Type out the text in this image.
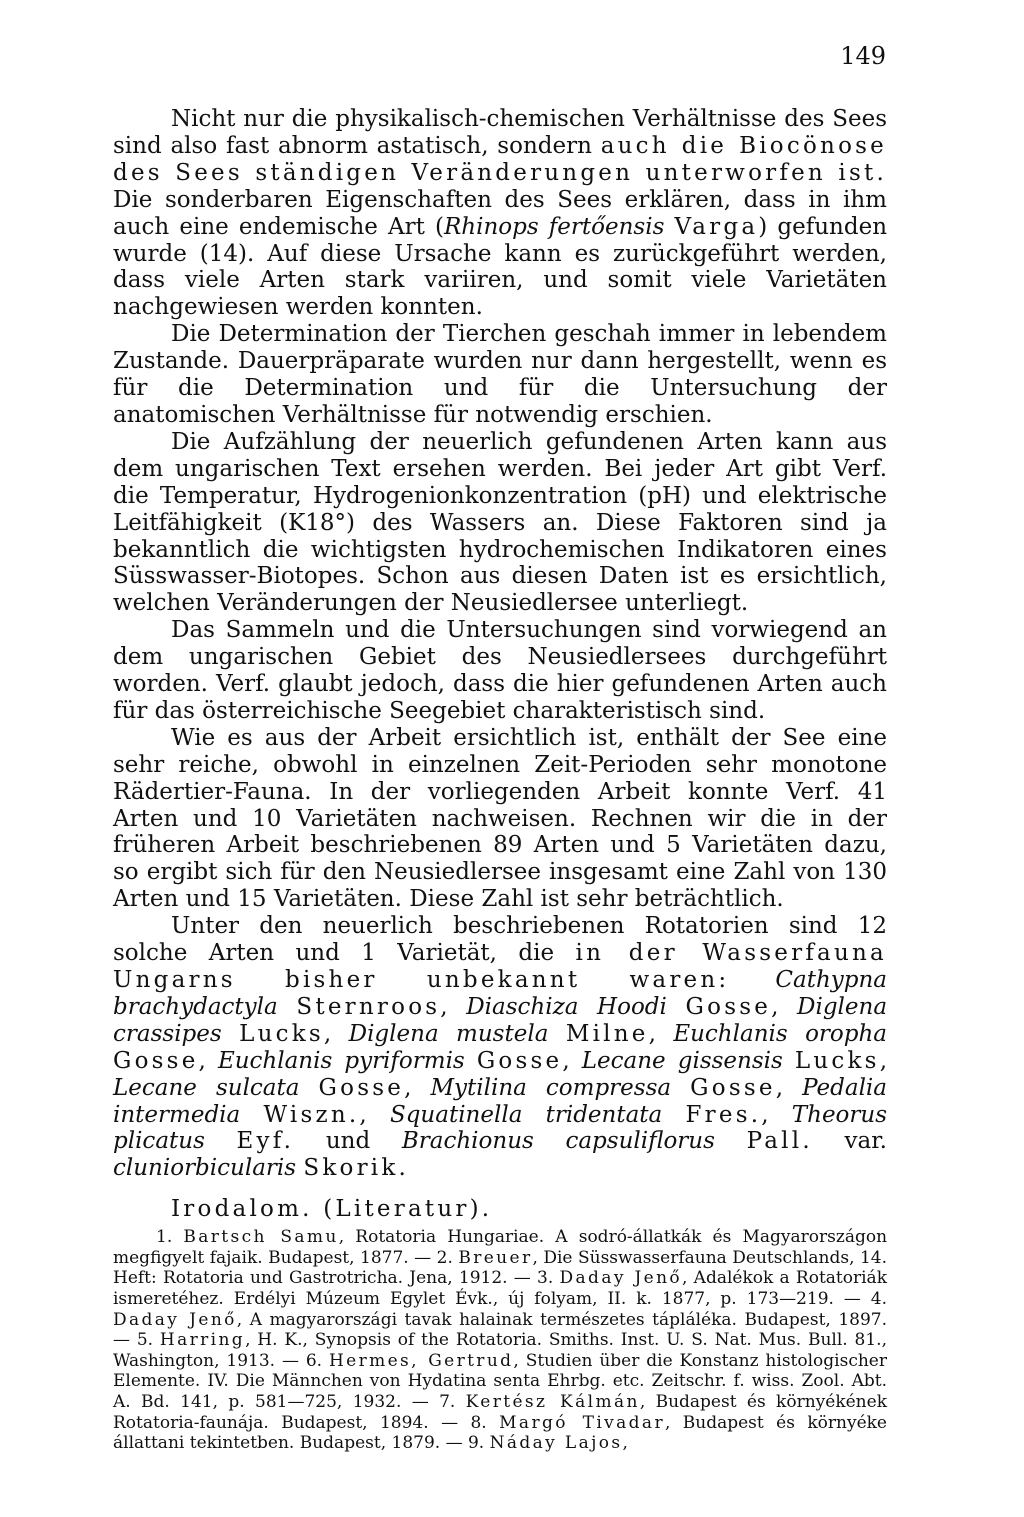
149

Nicht nur die physikalisch-chemischen Verhältnisse des Sees sind also fast abnorm astatisch, sondern auch die Biocönose des Sees ständigen Veränderungen unterworfen ist. Die sonderbaren Eigenschaften des Sees erklären, dass in ihm auch eine endemische Art (Rhinops fertőensis Varga) gefunden wurde (14). Auf diese Ursache kann es zurückgeführt werden, dass viele Arten stark variiren, und somit viele Varietäten nachgewiesen werden konnten.

Die Determination der Tierchen geschah immer in lebendem Zustande. Dauerpräparate wurden nur dann hergestellt, wenn es für die Determination und für die Untersuchung der anatomischen Verhältnisse für notwendig erschien.

Die Aufzählung der neuerlich gefundenen Arten kann aus dem ungarischen Text ersehen werden. Bei jeder Art gibt Verf. die Temperatur, Hydrogenionkonzentration (pH) und elektrische Leitfähigkeit (K18°) des Wassers an. Diese Faktoren sind ja bekanntlich die wichtigsten hydrochemischen Indikatoren eines Süsswasser-Biotopes. Schon aus diesen Daten ist es ersichtlich, welchen Veränderungen der Neusiedlersee unterliegt.

Das Sammeln und die Untersuchungen sind vorwiegend an dem ungarischen Gebiet des Neusiedlersees durchgeführt worden. Verf. glaubt jedoch, dass die hier gefundenen Arten auch für das österreichische Seegebiet charakteristisch sind.

Wie es aus der Arbeit ersichtlich ist, enthält der See eine sehr reiche, obwohl in einzelnen Zeit-Perioden sehr monotone Rädertier-Fauna. In der vorliegenden Arbeit konnte Verf. 41 Arten und 10 Varietäten nachweisen. Rechnen wir die in der früheren Arbeit beschriebenen 89 Arten und 5 Varietäten dazu, so ergibt sich für den Neusiedlersee insgesamt eine Zahl von 130 Arten und 15 Varietäten. Diese Zahl ist sehr beträchtlich.

Unter den neuerlich beschriebenen Rotatorien sind 12 solche Arten und 1 Varietät, die in der Wasserfauna Ungarns bisher unbekannt waren: Cathypna brachydactyla Sternroos, Diaschiza Hoodi Gosse, Diglena crassipes Lucks, Diglena mustela Milne, Euchlanis oropha Gosse, Euchlanis pyriformis Gosse, Lecane gissensis Lucks, Lecane sulcata Gosse, Mytilina compressa Gosse, Pedalia intermedia Wiszn., Squatinella tridentata Fres., Theorus plicatus Eyf. und Brachionus capsuliflorus Pall. var. cluniorbicularis Skorik.

Irodalom. (Literatur).
1. Bartsch Samu, Rotatoria Hungariae. A sodró-állatkák és Magyarországon megfigyelt fajaik. Budapest, 1877. — 2. Breuer, Die Süsswasserfauna Deutschlands, 14. Heft: Rotatoria und Gastrotricha. Jena, 1912. — 3. Daday Jenő, Adalékok a Rotatoriák ismeretéhez. Erdélyi Múzeum Egylet Évk., új folyam, II. k. 1877, p. 173—219. — 4. Daday Jenő, A magyarországi tavak halainak természetes tápláléka. Budapest, 1897. — 5. Harring, H. K., Synopsis of the Rotatoria. Smiths. Inst. U. S. Nat. Mus. Bull. 81., Washington, 1913. — 6. Hermes, Gertrud, Studien über die Konstanz histologischer Elemente. IV. Die Männchen von Hydatina senta Ehrbg. etc. Zeitschr. f. wiss. Zool. Abt. A. Bd. 141, p. 581—725, 1932. — 7. Kertész Kálmán, Budapest és környékének Rotatoria-faunája. Budapest, 1894. — 8. Margó Tivadar, Budapest és környéke állattani tekintetben. Budapest, 1879. — 9. Náday Lajos,
